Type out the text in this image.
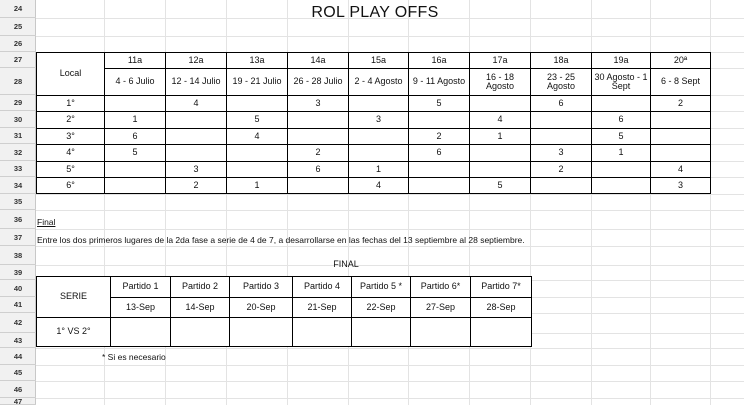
24
25
26
27
28
29
30
31
32
33
34
35
36
37
38
39
40
41
42
43
44
45
46
47
ROL PLAY OFFS
Local	11a	12a	13a	14a	15a	16a	17a	18a	19a	20ª
	4 - 6 Julio	12 - 14 Julio	19 - 21 Julio	26 - 28 Julio	2 - 4 Agosto	9 - 11 Agosto	16 - 18 Agosto	23 - 25 Agosto	30 Agosto - 1 Sept	6 - 8 Sept
1°		4		3		5		6		2
2°	1		5		3		4		6	
3°	6		4			2	1		5	
4°	5			2		6		3	1	
5°		3		6	1			2		4
6°		2	1		4		5			3
Final
Entre los dos primeros lugares de la 2da fase a serie de 4 de 7, a desarrollarse en las fechas del 13 septiembre al 28 septiembre.
FINAL
SERIE	Partido 1	Partido 2	Partido 3	Partido 4	Partido 5 *	Partido 6*	Partido 7*
	13-Sep	14-Sep	20-Sep	21-Sep	22-Sep	27-Sep	28-Sep
1° VS 2°							
* Si es necesario
